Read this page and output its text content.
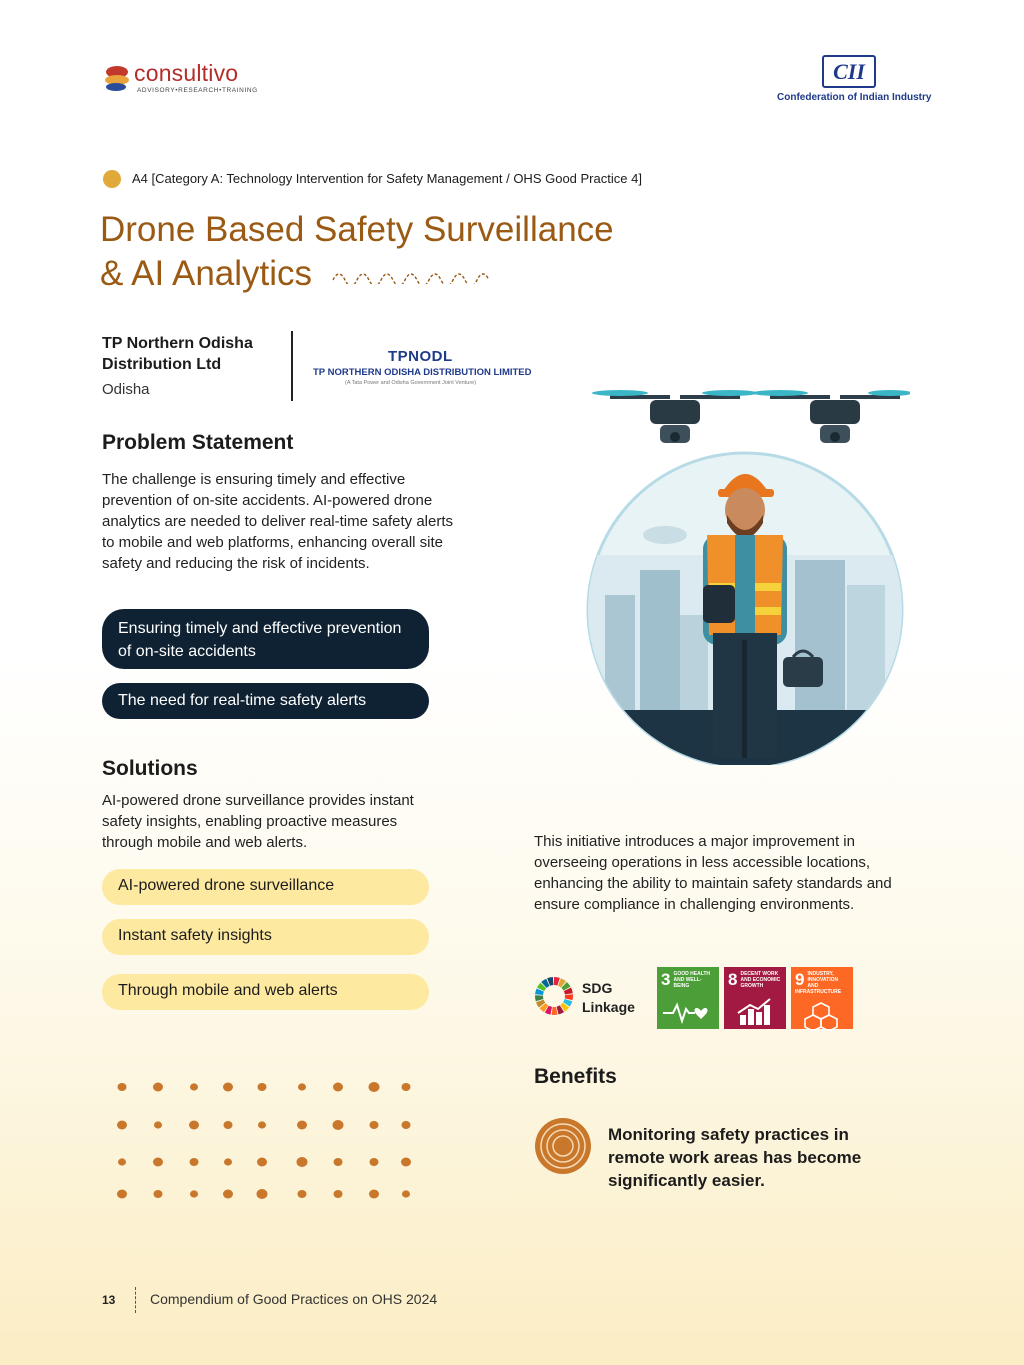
consultivo
ADVISORY•RESEARCH•TRAINING
CII
Confederation of Indian Industry
A4 [Category A: Technology Intervention for Safety Management / OHS Good Practice 4]
Drone Based Safety Surveillance
& AI Analytics
TP Northern Odisha Distribution Ltd
Odisha
TPNODL
TP NORTHERN ODISHA DISTRIBUTION LIMITED
(A Tata Power and Odisha Government Joint Venture)
Problem Statement
The challenge is ensuring timely and effective prevention of on-site accidents. AI-powered drone analytics are needed to deliver real-time safety alerts to mobile and web platforms, enhancing overall site safety and reducing the risk of incidents.
Ensuring timely and effective prevention of on-site accidents
The need for real-time safety alerts
Solutions
AI-powered drone surveillance provides instant safety insights, enabling proactive measures through mobile and web alerts.
AI-powered drone surveillance
Instant safety insights
Through mobile and web alerts
This initiative introduces a major improvement in overseeing operations in less accessible locations, enhancing the ability to maintain safety standards and ensure compliance in challenging environments.
SDG
Linkage
3 GOOD HEALTH AND WELL-BEING	8 DECENT WORK AND ECONOMIC GROWTH	9 INDUSTRY, INNOVATION AND INFRASTRUCTURE
Benefits
Monitoring safety practices in remote work areas has become significantly easier.
13 Compendium of Good Practices on OHS 2024
